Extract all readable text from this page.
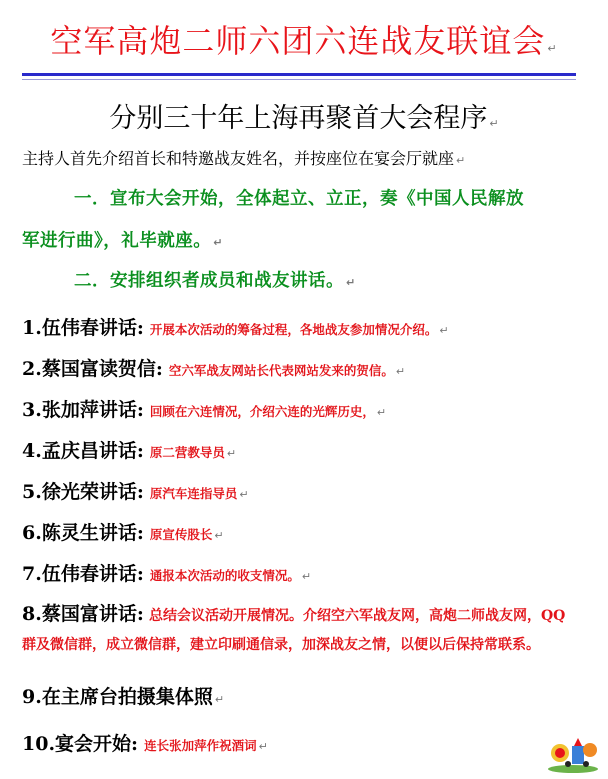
空军高炮二师六团六连战友联谊会 ↵
分别三十年上海再聚首大会程序 ↵
主持人首先介绍首长和特邀战友姓名，并按座位在宴会厅就座 ↵
一．宣布大会开始，全体起立、立正，奏《中国人民解放
军进行曲》，礼毕就座。 ↵
二．安排组织者成员和战友讲话。 ↵
1.伍伟春讲话: 开展本次活动的筹备过程，各地战友参加情况介绍。 ↵
2.蔡国富读贺信: 空六军战友网站长代表网站发来的贺信。 ↵
3.张加萍讲话: 回顾在六连情况，介绍六连的光辉历史， ↵
4.孟庆昌讲话: 原二营教导员 ↵
5.徐光荣讲话: 原汽车连指导员 ↵
6.陈灵生讲话: 原宣传股长 ↵
7.伍伟春讲话: 通报本次活动的收支情况。 ↵
8.蔡国富讲话: 总结会议活动开展情况。介绍空六军战友网，高炮二师战友网，QQ 群及微信群，成立微信群，建立印刷通信录，加深战友之情，以便以后保持常联系。
9.在主席台拍摄集体照 ↵
10.宴会开始: 连长张加萍作祝酒词 ↵
